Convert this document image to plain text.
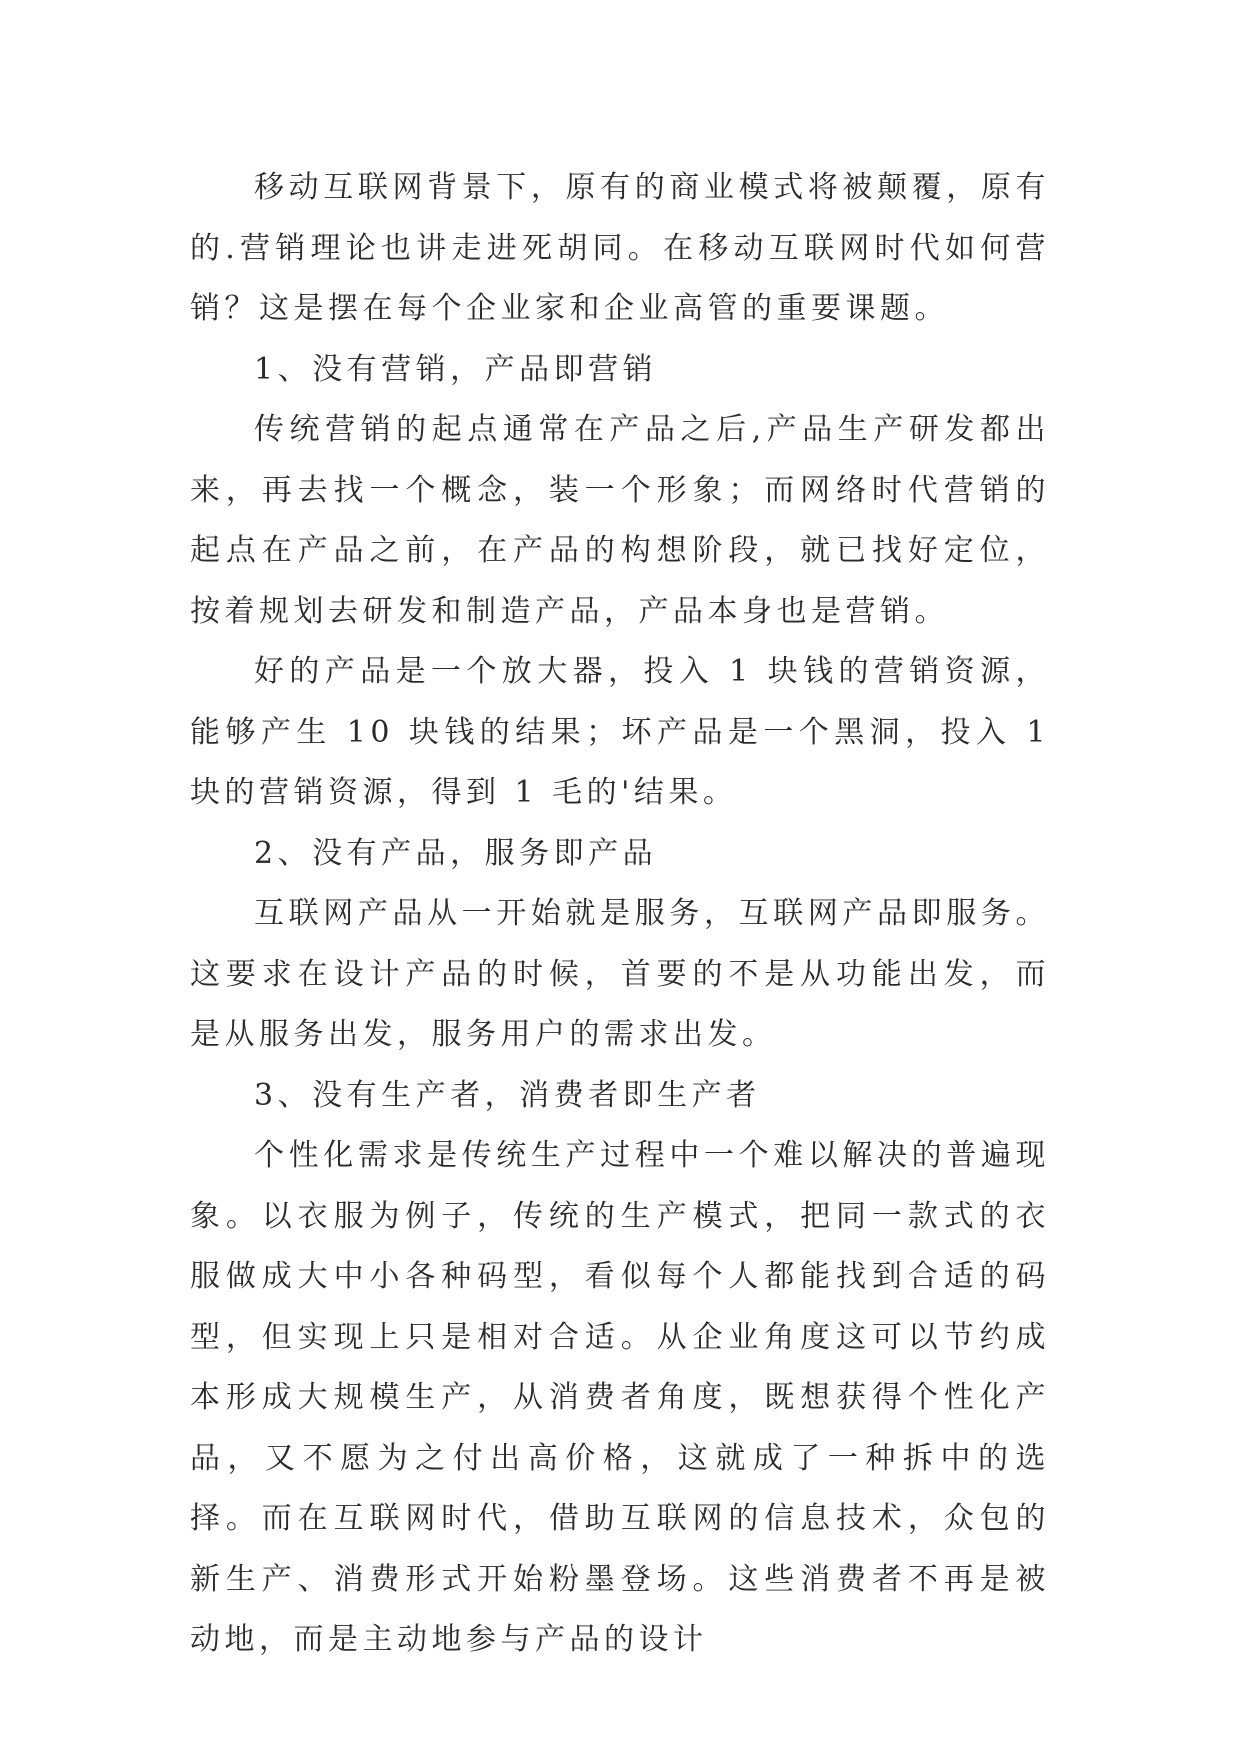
移动互联网背景下，原有的商业模式将被颠覆，原有的.营销理论也讲走进死胡同。在移动互联网时代如何营销？这是摆在每个企业家和企业高管的重要课题。

1、没有营销，产品即营销

传统营销的起点通常在产品之后,产品生产研发都出来，再去找一个概念，装一个形象；而网络时代营销的起点在产品之前，在产品的构想阶段，就已找好定位，按着规划去研发和制造产品，产品本身也是营销。

好的产品是一个放大器，投入 1 块钱的营销资源，能够产生 10 块钱的结果；坏产品是一个黑洞，投入 1 块的营销资源，得到 1 毛的'结果。

2、没有产品，服务即产品

互联网产品从一开始就是服务，互联网产品即服务。这要求在设计产品的时候，首要的不是从功能出发，而是从服务出发，服务用户的需求出发。

3、没有生产者，消费者即生产者

个性化需求是传统生产过程中一个难以解决的普遍现象。以衣服为例子，传统的生产模式，把同一款式的衣服做成大中小各种码型，看似每个人都能找到合适的码型，但实现上只是相对合适。从企业角度这可以节约成本形成大规模生产，从消费者角度，既想获得个性化产品，又不愿为之付出高价格，这就成了一种拆中的选择。而在互联网时代，借助互联网的信息技术，众包的新生产、消费形式开始粉墨登场。这些消费者不再是被动地，而是主动地参与产品的设计
